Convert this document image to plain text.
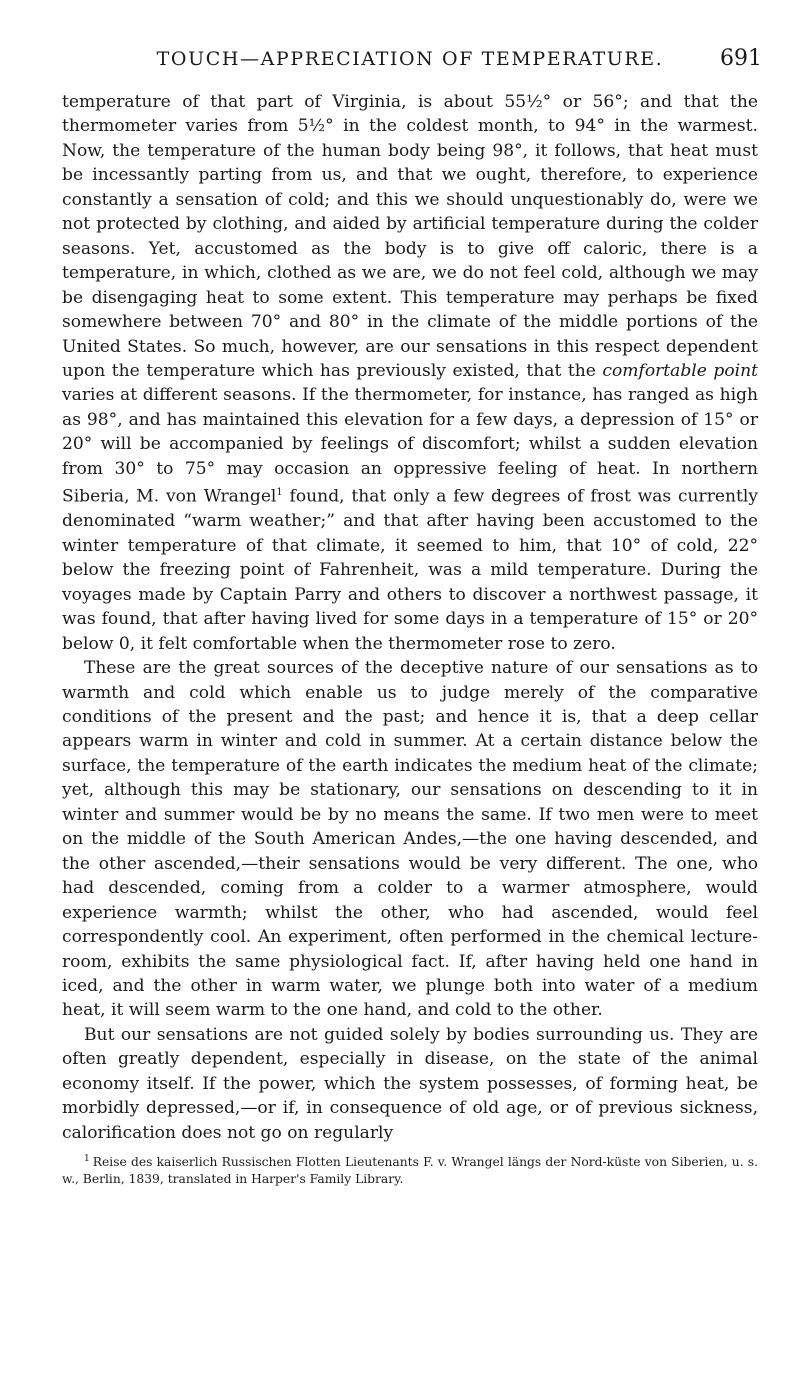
TOUCH—APPRECIATION OF TEMPERATURE.	691

temperature of that part of Virginia, is about 55½° or 56°; and that the thermometer varies from 5½° in the coldest month, to 94° in the warmest. Now, the temperature of the human body being 98°, it follows, that heat must be incessantly parting from us, and that we ought, therefore, to experience constantly a sensation of cold; and this we should unquestionably do, were we not protected by clothing, and aided by artificial temperature during the colder seasons. Yet, accustomed as the body is to give off caloric, there is a temperature, in which, clothed as we are, we do not feel cold, although we may be disengaging heat to some extent. This temperature may perhaps be fixed somewhere between 70° and 80° in the climate of the middle portions of the United States. So much, however, are our sensations in this respect dependent upon the temperature which has previously existed, that the comfortable point varies at different seasons. If the thermometer, for instance, has ranged as high as 98°, and has maintained this elevation for a few days, a depression of 15° or 20° will be accompanied by feelings of discomfort; whilst a sudden elevation from 30° to 75° may occasion an oppressive feeling of heat. In northern Siberia, M. von Wrangel$^1$ found, that only a few degrees of frost was currently denominated “warm weather;” and that after having been accustomed to the winter temperature of that climate, it seemed to him, that 10° of cold, 22° below the freezing point of Fahrenheit, was a mild temperature. During the voyages made by Captain Parry and others to discover a northwest passage, it was found, that after having lived for some days in a temperature of 15° or 20° below 0, it felt comfortable when the thermometer rose to zero.

These are the great sources of the deceptive nature of our sensations as to warmth and cold which enable us to judge merely of the comparative conditions of the present and the past; and hence it is, that a deep cellar appears warm in winter and cold in summer. At a certain distance below the surface, the temperature of the earth indicates the medium heat of the climate; yet, although this may be stationary, our sensations on descending to it in winter and summer would be by no means the same. If two men were to meet on the middle of the South American Andes,—the one having descended, and the other ascended,—their sensations would be very different. The one, who had descended, coming from a colder to a warmer atmosphere, would experience warmth; whilst the other, who had ascended, would feel correspondently cool. An experiment, often performed in the chemical lecture-room, exhibits the same physiological fact. If, after having held one hand in iced, and the other in warm water, we plunge both into water of a medium heat, it will seem warm to the one hand, and cold to the other.

But our sensations are not guided solely by bodies surrounding us. They are often greatly dependent, especially in disease, on the state of the animal economy itself. If the power, which the system possesses, of forming heat, be morbidly depressed,—or if, in consequence of old age, or of previous sickness, calorification does not go on regularly

$^1$ Reise des kaiserlich Russischen Flotten Lieutenants F. v. Wrangel längs der Nord-küste von Siberien, u. s. w., Berlin, 1839, translated in Harper's Family Library.
